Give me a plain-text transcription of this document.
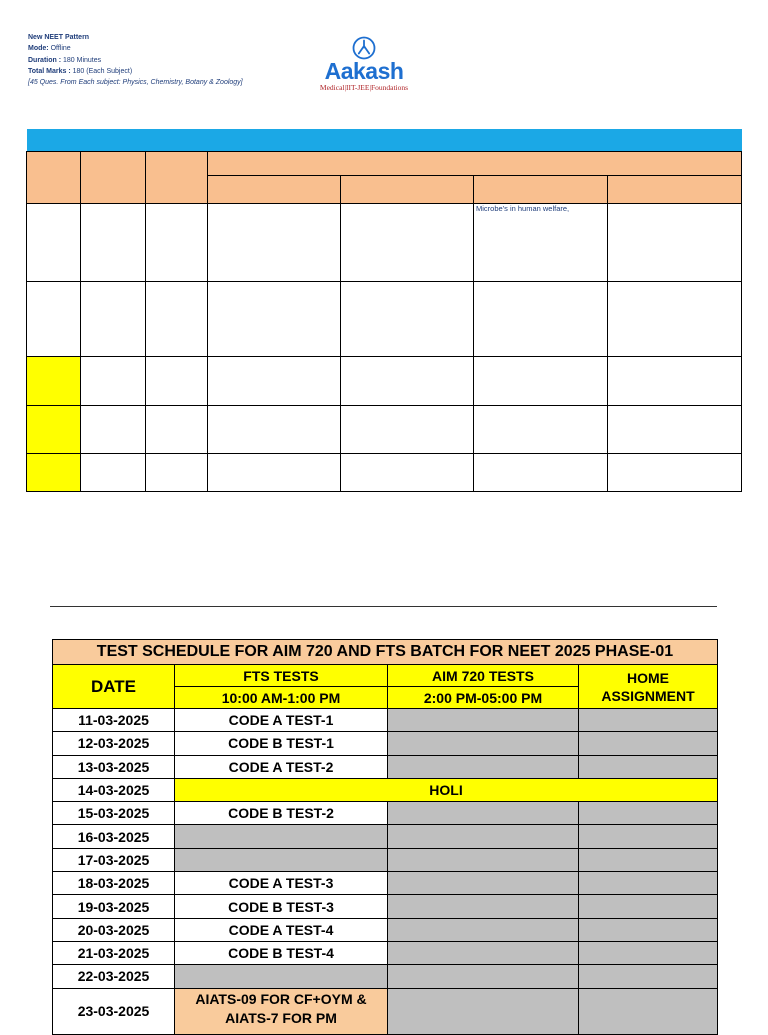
New NEET Pattern
Mode: Offline
Duration : 180 Minutes
Total Marks : 180 (Each Subject)
[45 Ques. From Each subject: Physics, Chemistry, Botany & Zoology]	Aakash
Medical|IIT-JEE|Foundations

					Microbe's in human welfare,	

TEST SCHEDULE FOR AIM 720 AND FTS BATCH FOR NEET 2025 PHASE-01			
DATE	FTS TESTS	AIM 720 TESTS	HOME ASSIGNMENT
	10:00 AM-1:00 PM	2:00 PM-05:00 PM	
11-03-2025	CODE A TEST-1		
12-03-2025	CODE B TEST-1		
13-03-2025	CODE A TEST-2		
14-03-2025	HOLI		
15-03-2025	CODE B TEST-2		
16-03-2025			
17-03-2025			
18-03-2025	CODE A TEST-3		
19-03-2025	CODE B TEST-3		
20-03-2025	CODE A TEST-4		
21-03-2025	CODE B TEST-4		
22-03-2025			
23-03-2025	AIATS-09 FOR CF+OYM & AIATS-7 FOR PM		
